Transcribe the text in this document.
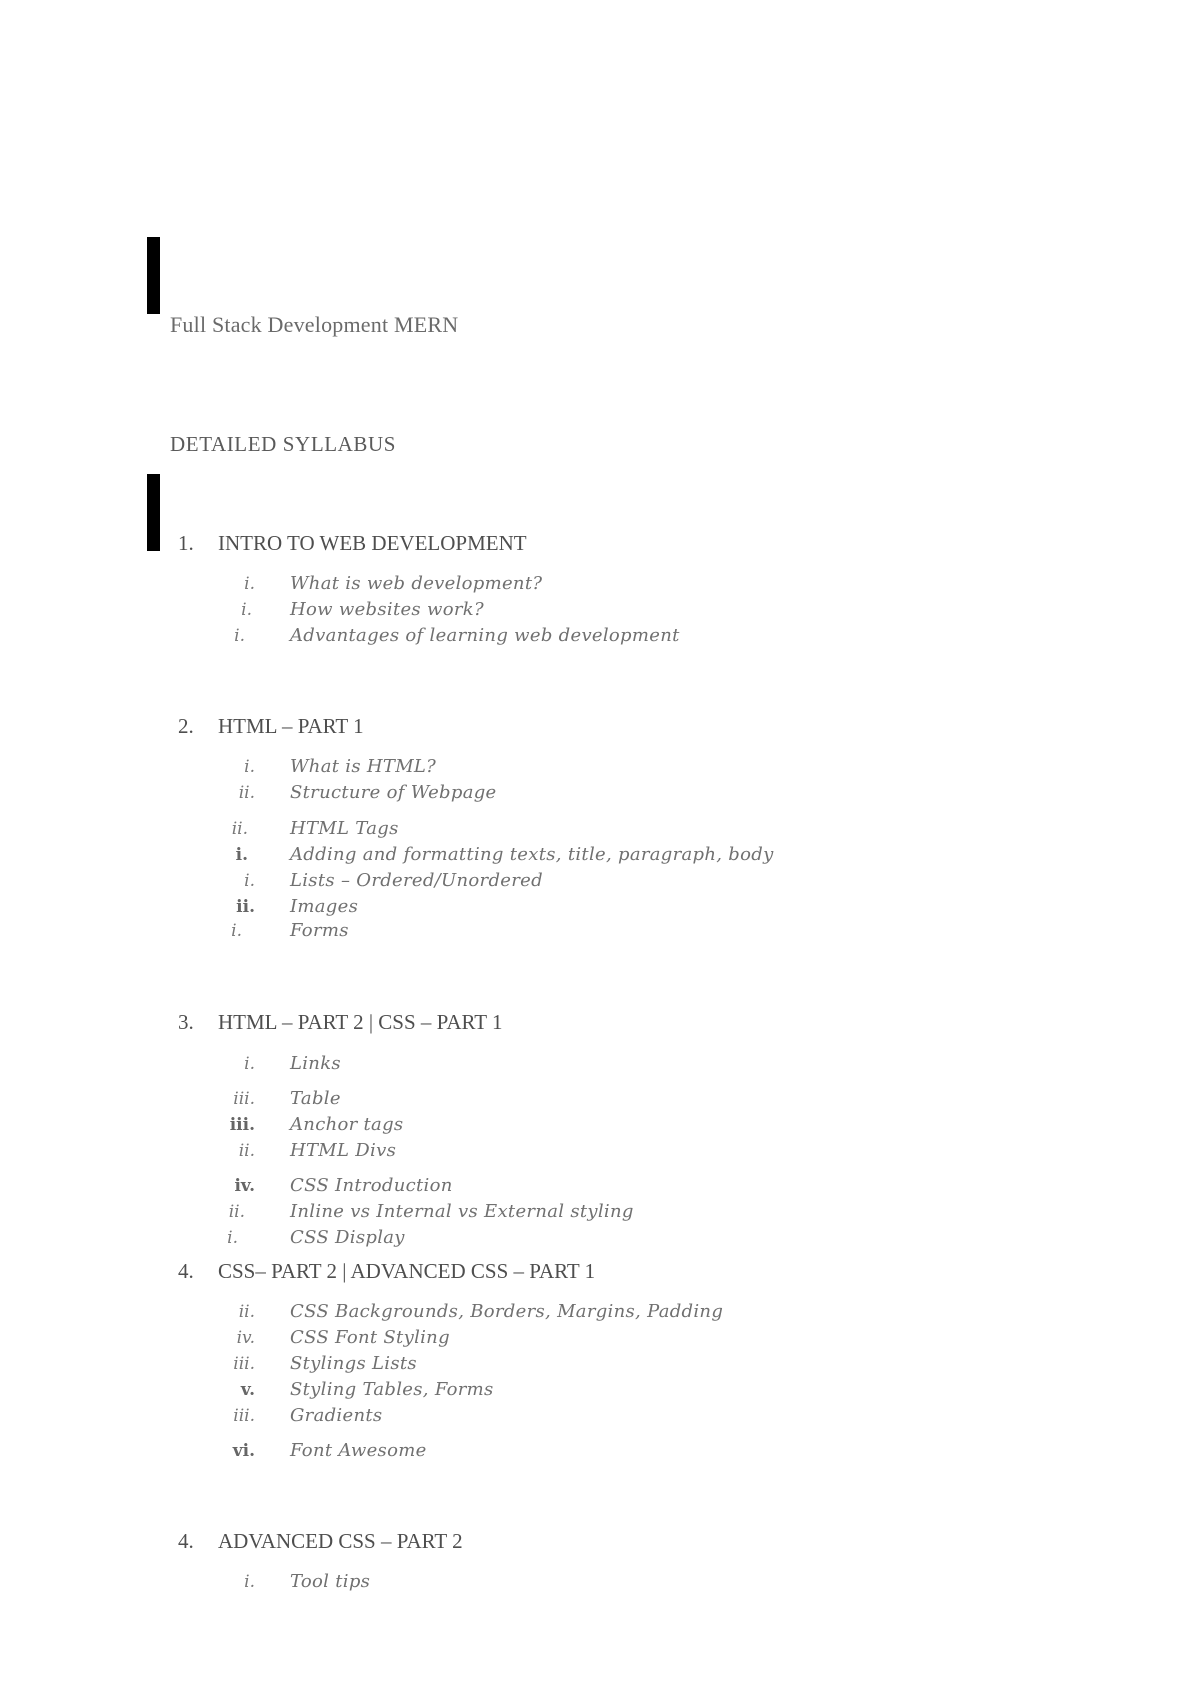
Full Stack Development MERN
DETAILED SYLLABUS
1. INTRO TO WEB DEVELOPMENT
i. What is web development?
i. How websites work?
i.	Advantages of learning web development
2. HTML – PART 1
i. What is HTML?
ii. Structure of Webpage
ii. HTML Tags
i. Adding and formatting texts, title, paragraph, body
i. Lists – Ordered/Unordered
ii. Images
i.	Forms
3. HTML – PART 2 | CSS – PART 1
i. Links
iii. Table
iii. Anchor tags
ii. HTML Divs
iv. CSS Introduction
ii.	Inline vs Internal vs External styling
i.	CSS Display
4. CSS– PART 2 | ADVANCED CSS – PART 1
ii. CSS Backgrounds, Borders, Margins, Padding
iv. CSS Font Styling
iii. Stylings Lists
v. Styling Tables, Forms
iii. Gradients
vi. Font Awesome
4. ADVANCED CSS – PART 2
i. Tool tips
